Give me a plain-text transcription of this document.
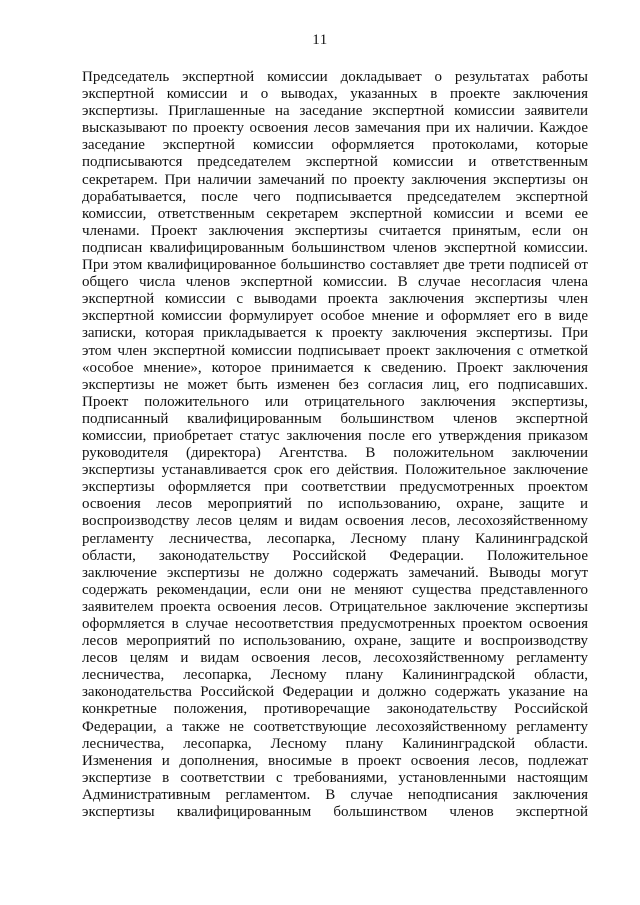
11
Председатель экспертной комиссии докладывает о результатах работы
экспертной комиссии и о выводах, указанных в проекте заключения
экспертизы. Приглашенные на заседание экспертной комиссии заявители
высказывают по проекту освоения лесов замечания при их наличии. Каждое
заседание экспертной комиссии оформляется протоколами, которые
подписываются председателем экспертной комиссии и ответственным
секретарем. При наличии замечаний по проекту заключения экспертизы он
дорабатывается, после чего подписывается председателем экспертной
комиссии, ответственным секретарем экспертной комиссии и всеми ее
членами. Проект заключения экспертизы считается принятым, если он
подписан квалифицированным большинством членов экспертной комиссии.
При этом квалифицированное большинство составляет две трети подписей от
общего числа членов экспертной комиссии. В случае несогласия члена
экспертной комиссии с выводами проекта заключения экспертизы член
экспертной комиссии формулирует особое мнение и оформляет его в виде
записки, которая прикладывается к проекту заключения экспертизы. При
этом член экспертной комиссии подписывает проект заключения с отметкой
«особое мнение», которое принимается к сведению. Проект заключения
экспертизы не может быть изменен без согласия лиц, его подписавших.
Проект положительного или отрицательного заключения экспертизы,
подписанный квалифицированным большинством членов экспертной
комиссии, приобретает статус заключения после его утверждения приказом
руководителя (директора) Агентства. В положительном заключении
экспертизы устанавливается срок его действия. Положительное заключение
экспертизы оформляется при соответствии предусмотренных проектом
освоения лесов мероприятий по использованию, охране, защите и
воспроизводству лесов целям и видам освоения лесов, лесохозяйственному
регламенту лесничества, лесопарка, Лесному плану Калининградской
области, законодательству Российской Федерации. Положительное
заключение экспертизы не должно содержать замечаний. Выводы могут
содержать рекомендации, если они не меняют существа представленного
заявителем проекта освоения лесов. Отрицательное заключение экспертизы
оформляется в случае несоответствия предусмотренных проектом освоения
лесов мероприятий по использованию, охране, защите и воспроизводству
лесов целям и видам освоения лесов, лесохозяйственному регламенту
лесничества, лесопарка, Лесному плану Калининградской области,
законодательства Российской Федерации и должно содержать указание на
конкретные положения, противоречащие законодательству Российской
Федерации, а также не соответствующие лесохозяйственному регламенту
лесничества, лесопарка, Лесному плану Калининградской области.
Изменения и дополнения, вносимые в проект освоения лесов, подлежат
экспертизе в соответствии с требованиями, установленными настоящим
Административным регламентом. В случае неподписания заключения
экспертизы квалифицированным большинством членов экспертной
